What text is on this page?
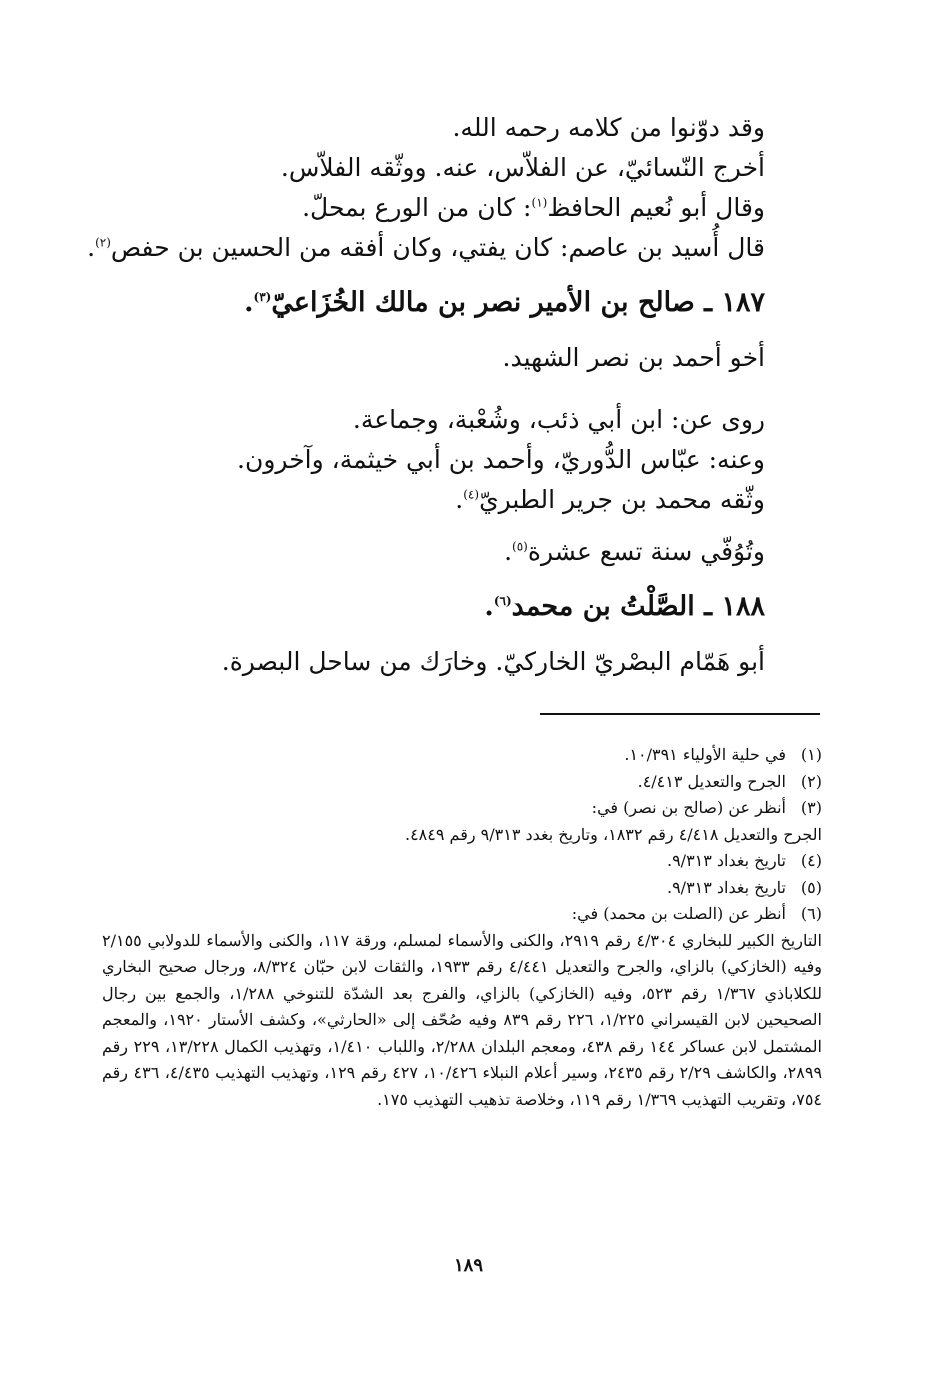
وقد دوّنوا من كلامه رحمه الله.
أخرج النّسائيّ، عن الفلاّس، عنه. ووثّقه الفلاّس.
وقال أبو نُعيم الحافظ$^{(١)}$: كان من الورع بمحلّ.
قال أُسيد بن عاصم: كان يفتي، وكان أفقه من الحسين بن حفص$^{(٢)}$.
١٨٧ ـ صالح بن الأمير نصر بن مالك الخُزَاعيّ$^{(٣)}$.
أخو أحمد بن نصر الشهيد.
روى عن: ابن أبي ذئب، وشُعْبة، وجماعة.
وعنه: عبّاس الدُّوريّ، وأحمد بن أبي خيثمة، وآخرون.
وثّقه محمد بن جرير الطبريّ$^{(٤)}$.
وتُوُفّي سنة تسع عشرة$^{(٥)}$.
١٨٨ ـ الصَّلْتُ بن محمد$^{(٦)}$.
أبو هَمّام البصْريّ الخاركيّ. وخارَك من ساحل البصرة.
(١)في حلية الأولياء ١٠/٣٩١.
(٢)الجرح والتعديل ٤/٤١٣.
(٣)أنظر عن (صالح بن نصر) في:
الجرح والتعديل ٤/٤١٨ رقم ١٨٣٢، وتاريخ بغدد ٩/٣١٣ رقم ٤٨٤٩.
(٤)تاريخ بغداد ٩/٣١٣.
(٥)تاريخ بغداد ٩/٣١٣.
(٦)أنظر عن (الصلت بن محمد) في:
التاريخ الكبير للبخاري ٤/٣٠٤ رقم ٢٩١٩، والكنى والأسماء لمسلم، ورقة ١١٧، والكنى والأسماء للدولابي ٢/١٥٥ وفيه (الخازكي) بالزاي، والجرح والتعديل ٤/٤٤١ رقم ١٩٣٣، والثقات لابن حبّان ٨/٣٢٤، ورجال صحيح البخاري للكلاباذي ١/٣٦٧ رقم ٥٢٣، وفيه (الخازكي) بالزاي، والفرج بعد الشدّة للتنوخي ١/٢٨٨، والجمع بين رجال الصحيحين لابن القيسراني ١/٢٢٥، ٢٢٦ رقم ٨٣٩ وفيه صُحّف إلى «الحارثي»، وكشف الأستار ١٩٢٠، والمعجم المشتمل لابن عساكر ١٤٤ رقم ٤٣٨، ومعجم البلدان ٢/٢٨٨، واللباب ١/٤١٠، وتهذيب الكمال ١٣/٢٢٨، ٢٢٩ رقم ٢٨٩٩، والكاشف ٢/٢٩ رقم ٢٤٣٥، وسير أعلام النبلاء ١٠/٤٢٦، ٤٢٧ رقم ١٢٩، وتهذيب التهذيب ٤/٤٣٥، ٤٣٦ رقم ٧٥٤، وتقريب التهذيب ١/٣٦٩ رقم ١١٩، وخلاصة تذهيب التهذيب ١٧٥.
١٨٩
